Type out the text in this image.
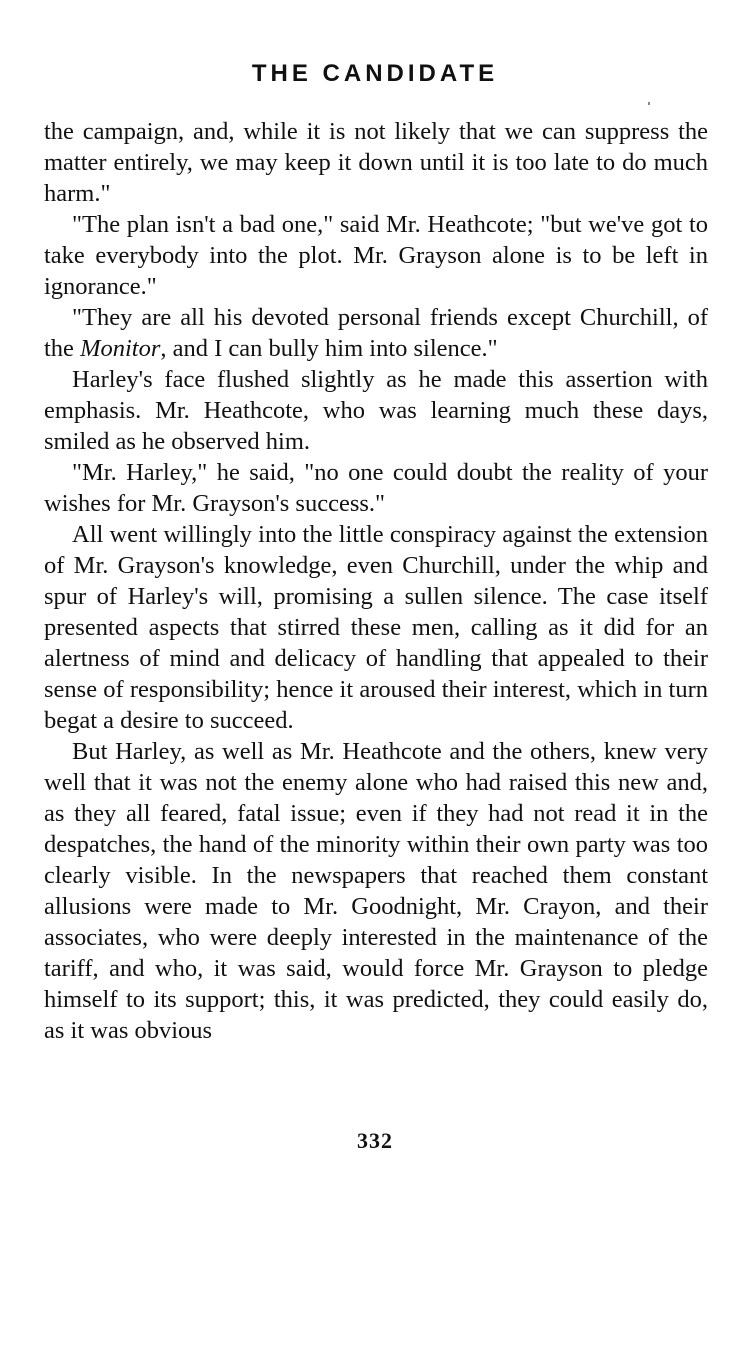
THE CANDIDATE

the campaign, and, while it is not likely that we can suppress the matter entirely, we may keep it down until it is too late to do much harm."

"The plan isn't a bad one," said Mr. Heathcote; "but we've got to take everybody into the plot. Mr. Grayson alone is to be left in ignorance."

"They are all his devoted personal friends except Churchill, of the Monitor, and I can bully him into silence."

Harley's face flushed slightly as he made this assertion with emphasis. Mr. Heathcote, who was learning much these days, smiled as he observed him.

"Mr. Harley," he said, "no one could doubt the reality of your wishes for Mr. Grayson's success."

All went willingly into the little conspiracy against the extension of Mr. Grayson's knowledge, even Churchill, under the whip and spur of Harley's will, promising a sullen silence. The case itself presented aspects that stirred these men, calling as it did for an alertness of mind and delicacy of handling that appealed to their sense of responsibility; hence it aroused their interest, which in turn begat a desire to succeed.

But Harley, as well as Mr. Heathcote and the others, knew very well that it was not the enemy alone who had raised this new and, as they all feared, fatal issue; even if they had not read it in the despatches, the hand of the minority within their own party was too clearly visible. In the newspapers that reached them constant allusions were made to Mr. Goodnight, Mr. Crayon, and their associates, who were deeply interested in the maintenance of the tariff, and who, it was said, would force Mr. Grayson to pledge himself to its support; this, it was predicted, they could easily do, as it was obvious

332
